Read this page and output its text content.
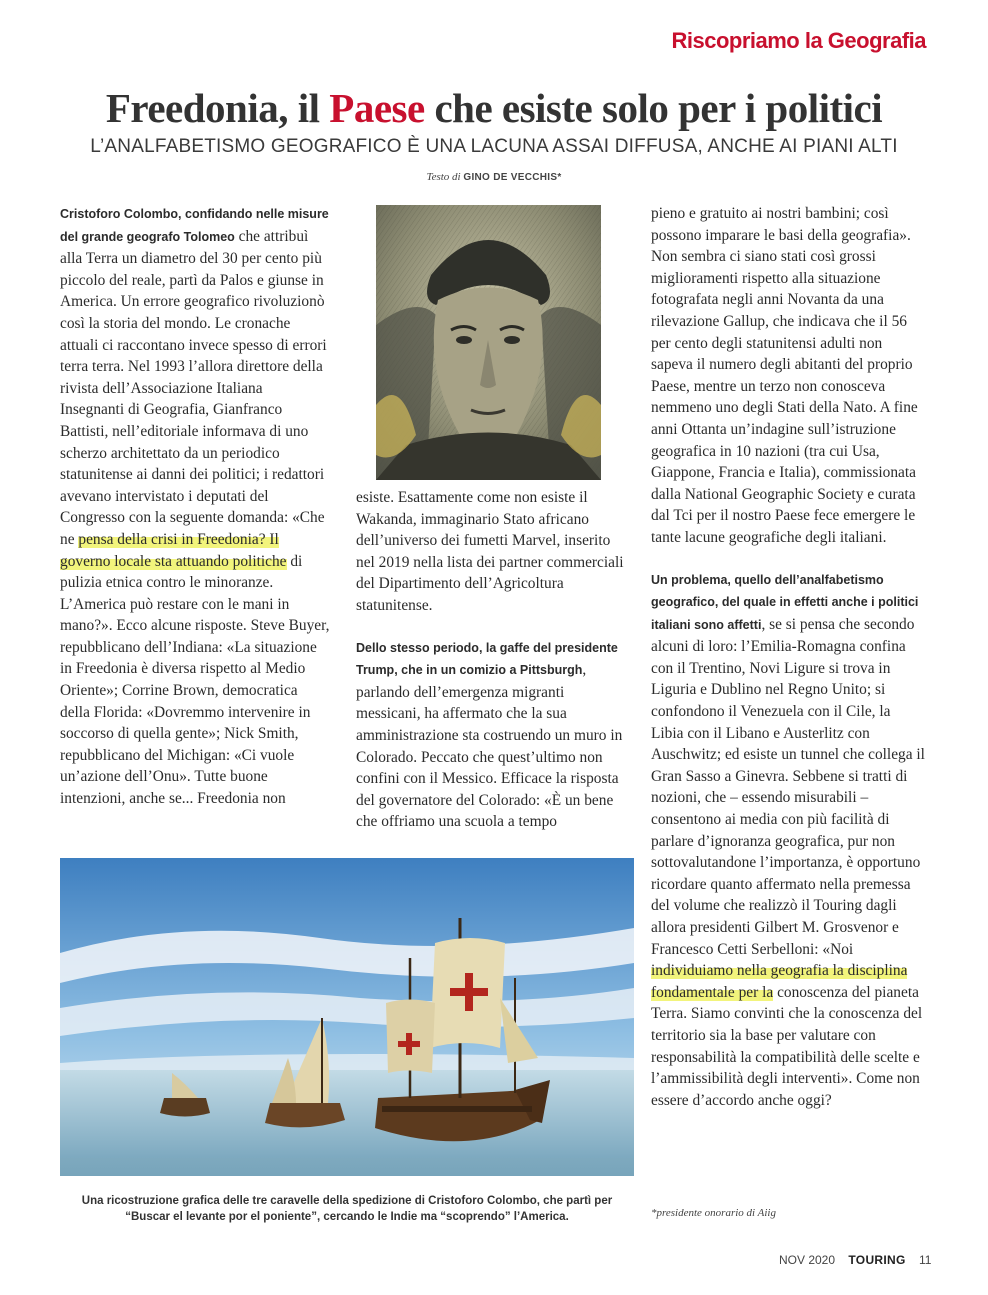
Riscopriamo la Geografia
Freedonia, il Paese che esiste solo per i politici
L’ANALFABETISMO GEOGRAFICO È UNA LACUNA ASSAI DIFFUSA, ANCHE AI PIANI ALTI
Testo di GINO DE VECCHIS*

Cristoforo Colombo, confidando nelle misure del grande geografo Tolomeo che attribuì alla Terra un diametro del 30 per cento più piccolo del reale, partì da Palos e giunse in America. Un errore geografico rivoluzionò così la storia del mondo. Le cronache attuali ci raccontano invece spesso di errori terra terra. Nel 1993 l’allora direttore della rivista dell’Associazione Italiana Insegnanti di Geografia, Gianfranco Battisti, nell’editoriale informava di uno scherzo architettato da un periodico statunitense ai danni dei politici; i redattori avevano intervistato i deputati del Congresso con la seguente domanda: «Che ne pensa della crisi in Freedonia? Il governo locale sta attuando politiche di pulizia etnica contro le minoranze. L’America può restare con le mani in mano?». Ecco alcune risposte. Steve Buyer, repubblicano dell’Indiana: «La situazione in Freedonia è diversa rispetto al Medio Oriente»; Corrine Brown, democratica della Florida: «Dovremmo intervenire in soccorso di quella gente»; Nick Smith, repubblicano del Michigan: «Ci vuole un’azione dell’Onu». Tutte buone intenzioni, anche se... Freedonia non

esiste. Esattamente come non esiste il Wakanda, immaginario Stato africano dell’universo dei fumetti Marvel, inserito nel 2019 nella lista dei partner commerciali del Dipartimento dell’Agricoltura statunitense.

Dello stesso periodo, la gaffe del presidente Trump, che in un comizio a Pittsburgh, parlando dell’emergenza migranti messicani, ha affermato che la sua amministrazione sta costruendo un muro in Colorado. Peccato che quest’ultimo non confini con il Messico. Efficace la risposta del governatore del Colorado: «È un bene che offriamo una scuola a tempo

pieno e gratuito ai nostri bambini; così possono imparare le basi della geografia». Non sembra ci siano stati così grossi miglioramenti rispetto alla situazione fotografata negli anni Novanta da una rilevazione Gallup, che indicava che il 56 per cento degli statunitensi adulti non sapeva il numero degli abitanti del proprio Paese, mentre un terzo non conosceva nemmeno uno degli Stati della Nato. A fine anni Ottanta un’indagine sull’istruzione geografica in 10 nazioni (tra cui Usa, Giappone, Francia e Italia), commissionata dalla National Geographic Society e curata dal Tci per il nostro Paese fece emergere le tante lacune geografiche degli italiani.

Un problema, quello dell’analfabetismo geografico, del quale in effetti anche i politici italiani sono affetti, se si pensa che secondo alcuni di loro: l’Emilia-Romagna confina con il Trentino, Novi Ligure si trova in Liguria e Dublino nel Regno Unito; si confondono il Venezuela con il Cile, la Libia con il Libano e Austerlitz con Auschwitz; ed esiste un tunnel che collega il Gran Sasso a Ginevra. Sebbene si tratti di nozioni, che – essendo misurabili – consentono ai media con più facilità di parlare d’ignoranza geografica, pur non sottovalutandone l’importanza, è opportuno ricordare quanto affermato nella premessa del volume che realizzò il Touring dagli allora presidenti Gilbert M. Grosvenor e Francesco Cetti Serbelloni: «Noi individuiamo nella geografia la disciplina fondamentale per la conoscenza del pianeta Terra. Siamo convinti che la conoscenza del territorio sia la base per valutare con responsabilità la compatibilità delle scelte e l’ammissibilità degli interventi». Come non essere d’accordo anche oggi?

Una ricostruzione grafica delle tre caravelle della spedizione di Cristoforo Colombo, che partì per “Buscar el levante por el poniente”, cercando le Indie ma “scoprendo” l’America.	*presidente onorario di Aiig
NOV 2020 TOURING 11
